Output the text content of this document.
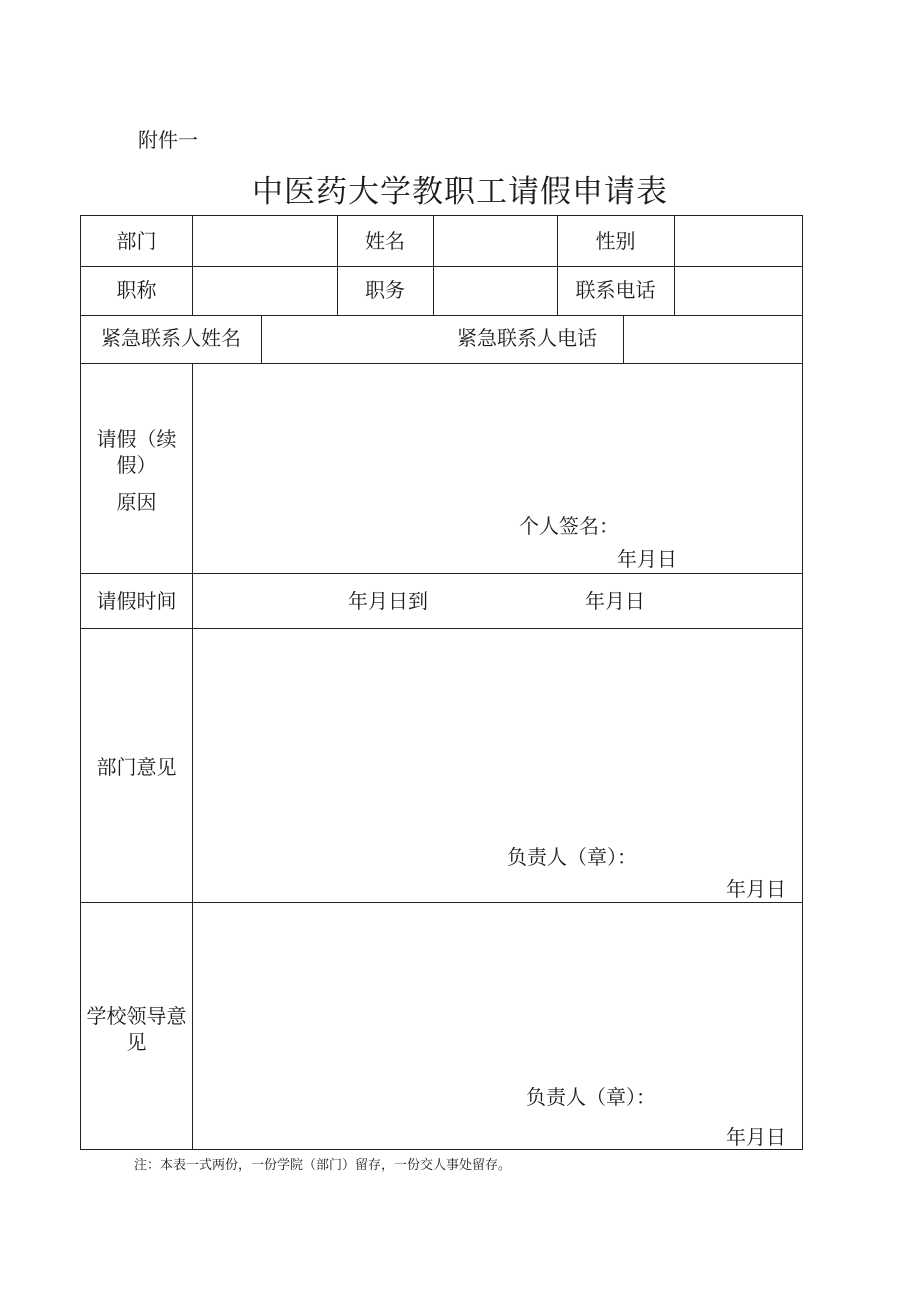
附件一
中医药大学教职工请假申请表
部门	姓名	性别
职称	职务	联系电话
紧急联系人姓名	紧急联系人电话
请假（续
假）
原因
个人签名：
年月日
请假时间	年月日到	年月日
部门意见
负责人（章）：
年月日
学校领导意
见
负责人（章）：
年月日
注：本表一式两份，一份学院（部门）留存，一份交人事处留存。
